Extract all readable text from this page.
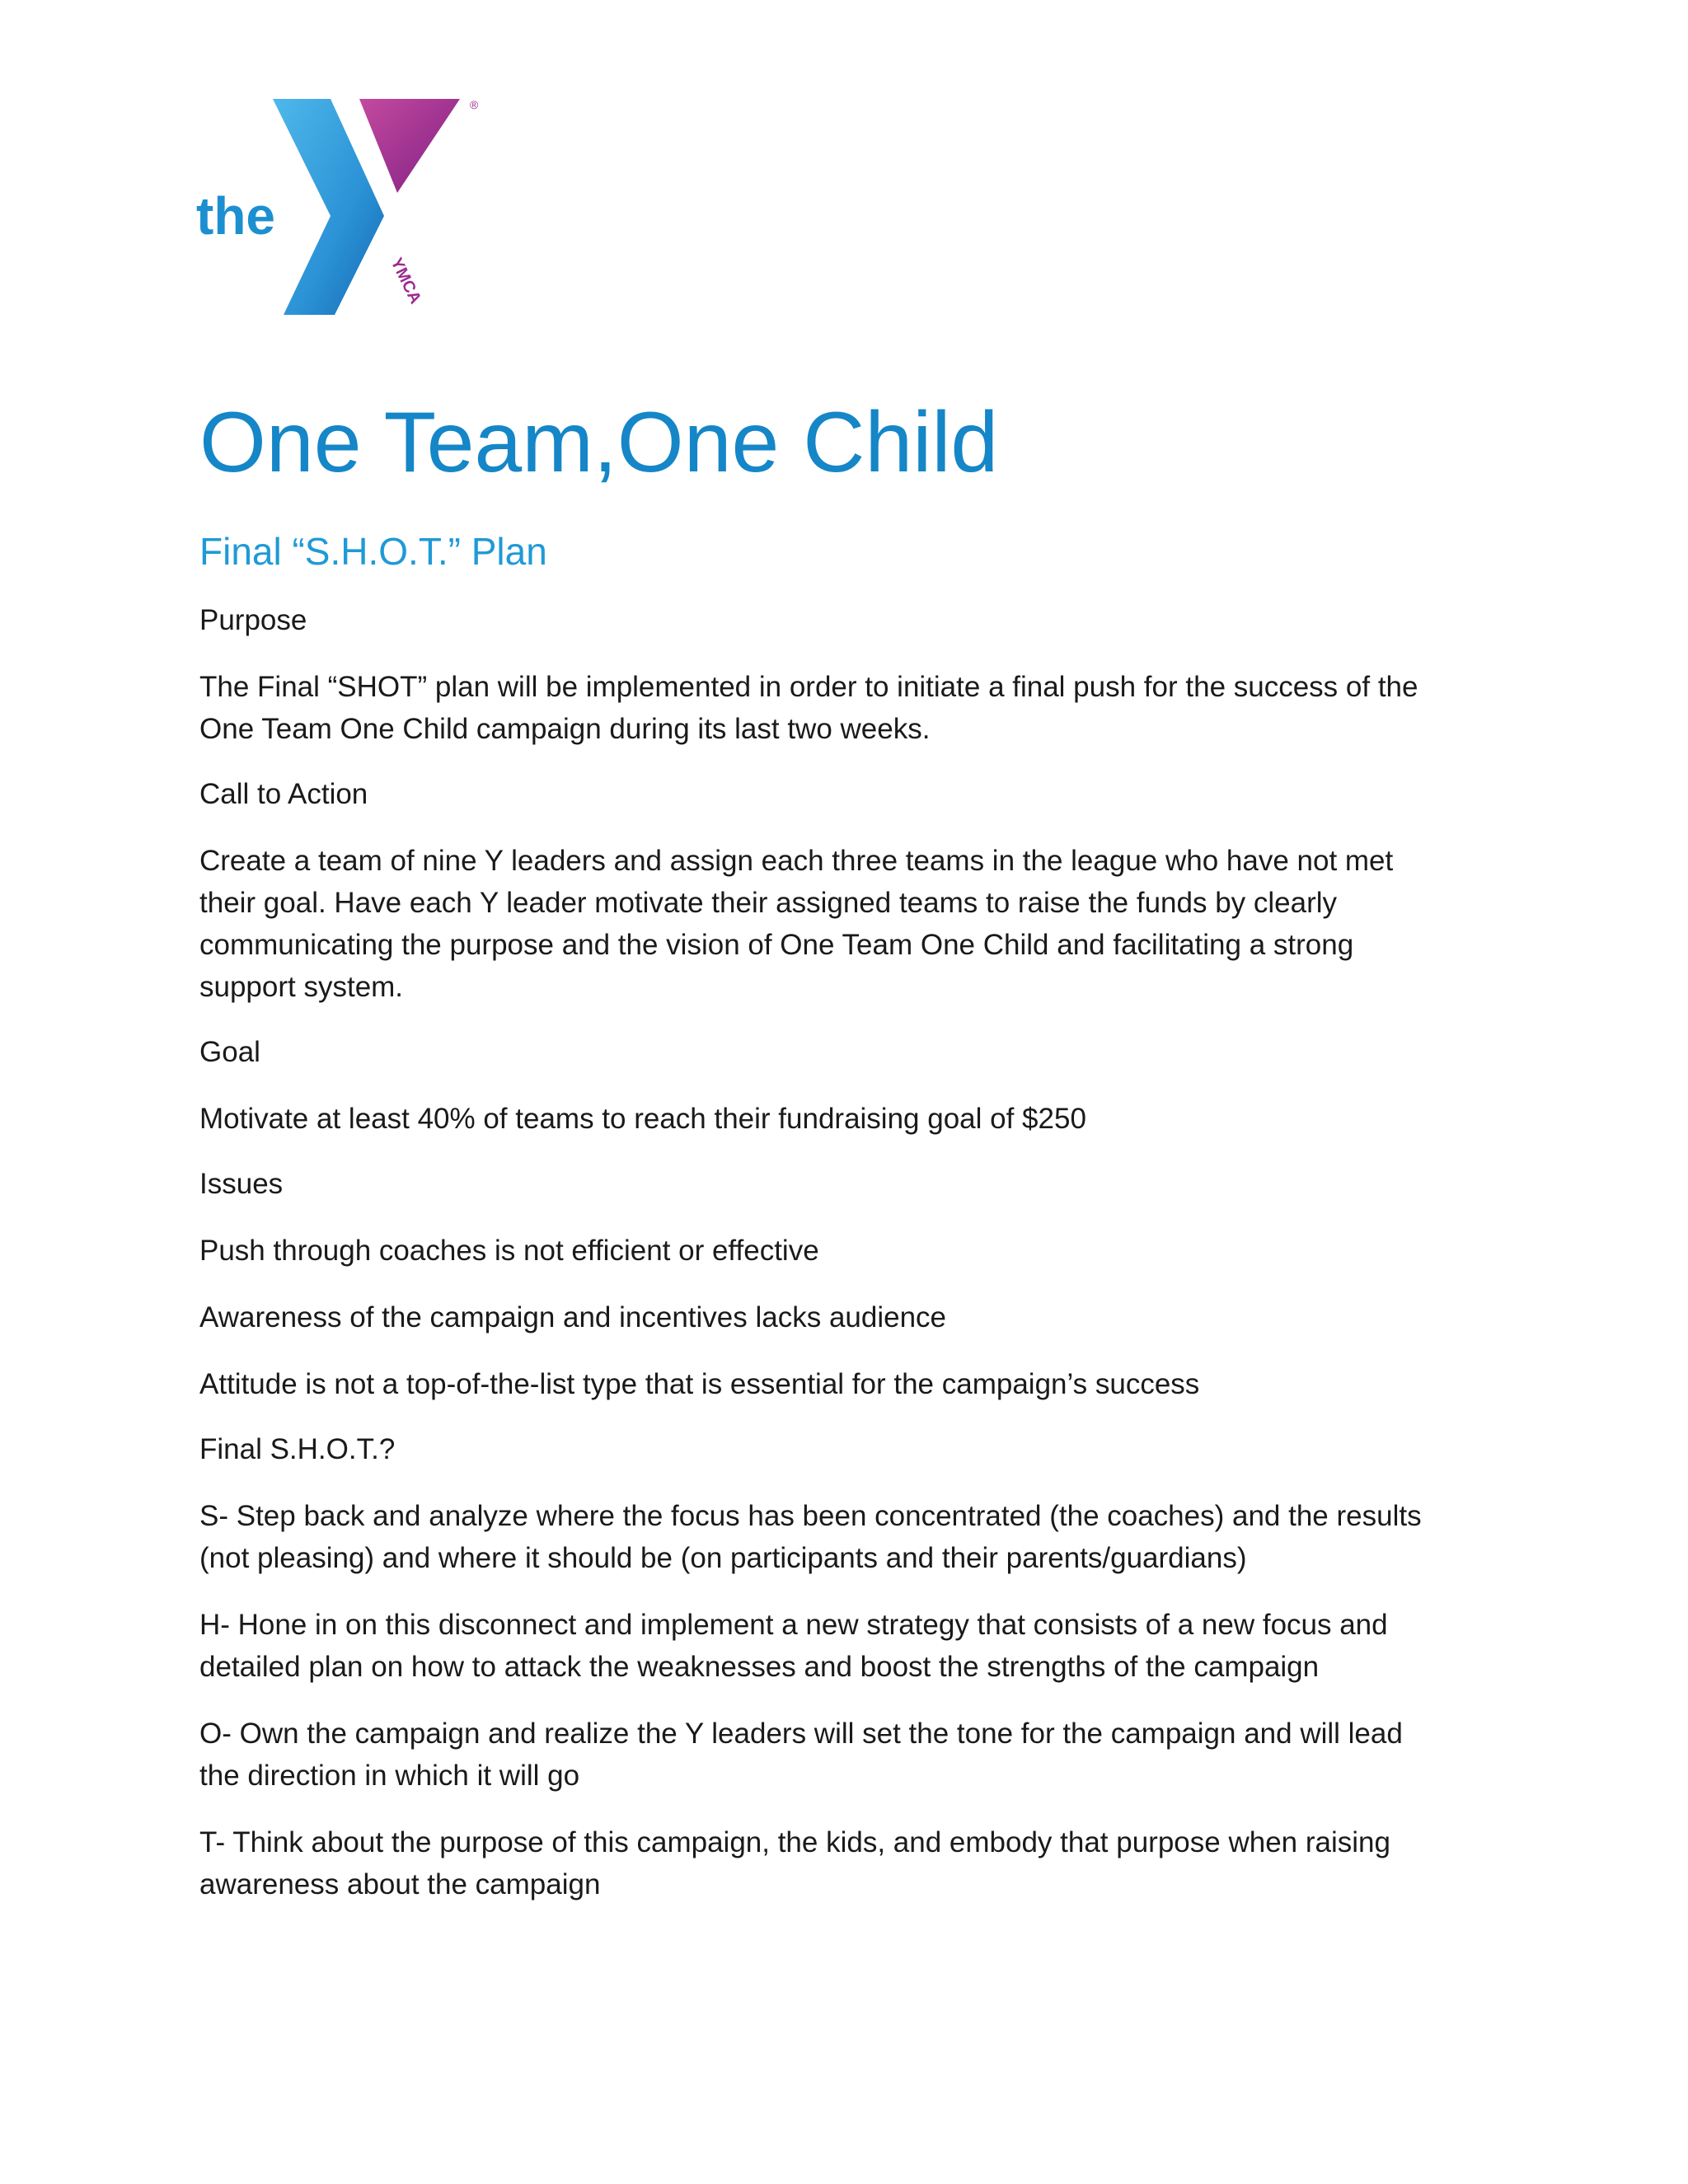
the
YMCA
®
One Team,One Child
Final “S.H.O.T.” Plan

Purpose

The Final “SHOT” plan will be implemented in order to initiate a final push for the success of the
One Team One Child campaign during its last two weeks.

Call to Action

Create a team of nine Y leaders and assign each three teams in the league who have not met
their goal. Have each Y leader motivate their assigned teams to raise the funds by clearly
communicating the purpose and the vision of One Team One Child and facilitating a strong
support system.

Goal

Motivate at least 40% of teams to reach their fundraising goal of $250

Issues

Push through coaches is not efficient or effective
Awareness of the campaign and incentives lacks audience
Attitude is not a top-of-the-list type that is essential for the campaign’s success

Final S.H.O.T.?

S- Step back and analyze where the focus has been concentrated (the coaches) and the results
(not pleasing) and where it should be (on participants and their parents/guardians)
H- Hone in on this disconnect and implement a new strategy that consists of a new focus and
detailed plan on how to attack the weaknesses and boost the strengths of the campaign
O- Own the campaign and realize the Y leaders will set the tone for the campaign and will lead
the direction in which it will go
T- Think about the purpose of this campaign, the kids, and embody that purpose when raising
awareness about the campaign
